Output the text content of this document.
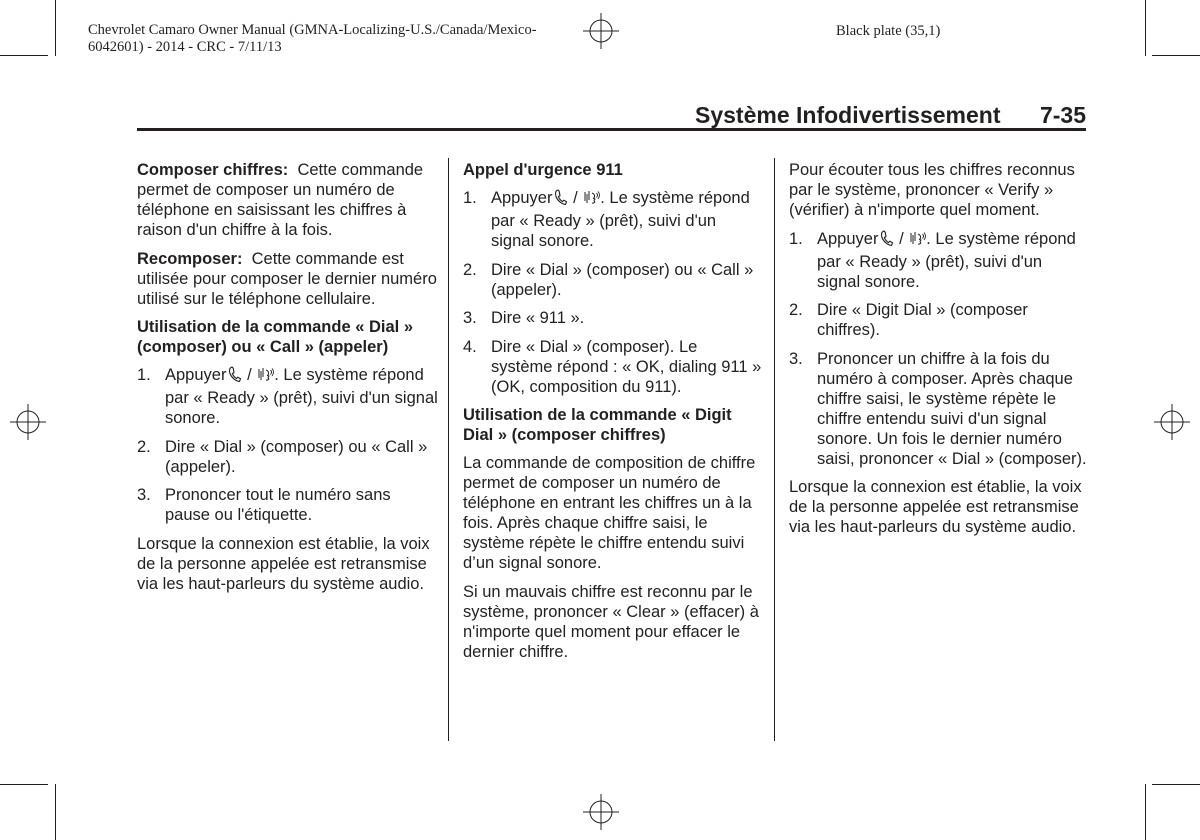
Chevrolet Camaro Owner Manual (GMNA-Localizing-U.S./Canada/Mexico-
6042601) - 2014 - CRC - 7/11/13
Black plate (35,1)
Système Infodivertissement 7-35

Composer chiffres: Cette commande permet de composer un numéro de téléphone en saisissant les chiffres à raison d'un chiffre à la fois.

Recomposer: Cette commande est utilisée pour composer le dernier numéro utilisé sur le téléphone cellulaire.

Utilisation de la commande « Dial » (composer) ou « Call » (appeler)
1. Appuyer / . Le système répond par « Ready » (prêt), suivi d'un signal sonore.
2. Dire « Dial » (composer) ou « Call » (appeler).
3. Prononcer tout le numéro sans pause ou l'étiquette.

Lorsque la connexion est établie, la voix de la personne appelée est retransmise via les haut-parleurs du système audio.

Appel d'urgence 911
1. Appuyer / . Le système répond par « Ready » (prêt), suivi d'un signal sonore.
2. Dire « Dial » (composer) ou « Call » (appeler).
3. Dire « 911 ».
4. Dire « Dial » (composer). Le système répond : « OK, dialing 911 » (OK, composition du 911).
Utilisation de la commande « Digit Dial » (composer chiffres)

La commande de composition de chiffre permet de composer un numéro de téléphone en entrant les chiffres un à la fois. Après chaque chiffre saisi, le système répète le chiffre entendu suivi d’un signal sonore.

Si un mauvais chiffre est reconnu par le système, prononcer « Clear » (effacer) à n'importe quel moment pour effacer le dernier chiffre.

Pour écouter tous les chiffres reconnus par le système, prononcer « Verify » (vérifier) à n'importe quel moment.

1. Appuyer / . Le système répond par « Ready » (prêt), suivi d'un signal sonore.
2. Dire « Digit Dial » (composer chiffres).
3. Prononcer un chiffre à la fois du numéro à composer. Après chaque chiffre saisi, le système répète le chiffre entendu suivi d'un signal sonore. Un fois le dernier numéro saisi, prononcer « Dial » (composer).

Lorsque la connexion est établie, la voix de la personne appelée est retransmise via les haut-parleurs du système audio.
